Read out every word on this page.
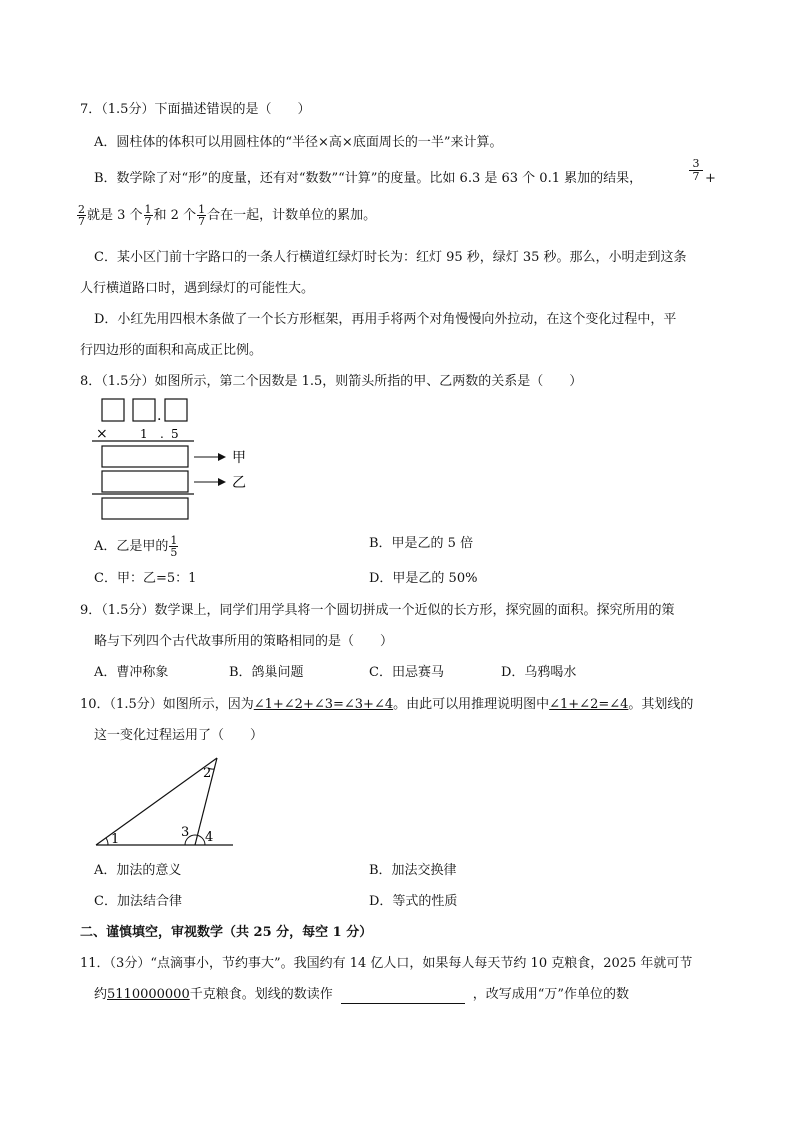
7．（1.5分）下面描述错误的是（　　）
A．圆柱体的体积可以用圆柱体的“半径×高×底面周长的一半”来计算。
B．数学除了对“形”的度量，还有对“数数”“计算”的度量。比如 6.3 是 63 个 0.1 累加的结果，	$\frac{3}{7}$ +
$\frac{2}{7}$ 就是 3 个 $\frac{1}{7}$ 和 2 个 $\frac{1}{7}$ 合在一起，计数单位的累加。
C．某小区门前十字路口的一条人行横道红绿灯时长为：红灯 95 秒，绿灯 35 秒。那么，小明走到这条
人行横道路口时，遇到绿灯的可能性大。
D．小红先用四根木条做了一个长方形框架，再用手将两个对角慢慢向外拉动，在这个变化过程中，平
行四边形的面积和高成正比例。
8．（1.5分）如图所示，第二个因数是 1.5，则箭头所指的甲、乙两数的关系是（　　）
.
×	1 . 5
甲
乙
A．乙是甲的 $\frac{1}{5}$	B．甲是乙的 5 倍
C．甲：乙=5：1	D．甲是乙的 50%
9．（1.5分）数学课上，同学们用学具将一个圆切拼成一个近似的长方形，探究圆的面积。探究所用的策
略与下列四个古代故事所用的策略相同的是（　　）
A．曹冲称象	B．鸽巢问题	C．田忌赛马	D．乌鸦喝水
10．（1.5分）如图所示，因为∠1+∠2+∠3=∠3+∠4。由此可以用推理说明图中∠1+∠2=∠4。其划线的
这一变化过程运用了（　　）
1
2
3 4
A．加法的意义	B．加法交换律
C．加法结合律	D．等式的性质
二、谨慎填空，审视数学（共 25 分，每空 1 分）
11．（3分）“点滴事小，节约事大”。我国约有 14 亿人口，如果每人每天节约 10 克粮食，2025 年就可节
约5110000000千克粮食。划线的数读作	，改写成用“万”作单位的数
